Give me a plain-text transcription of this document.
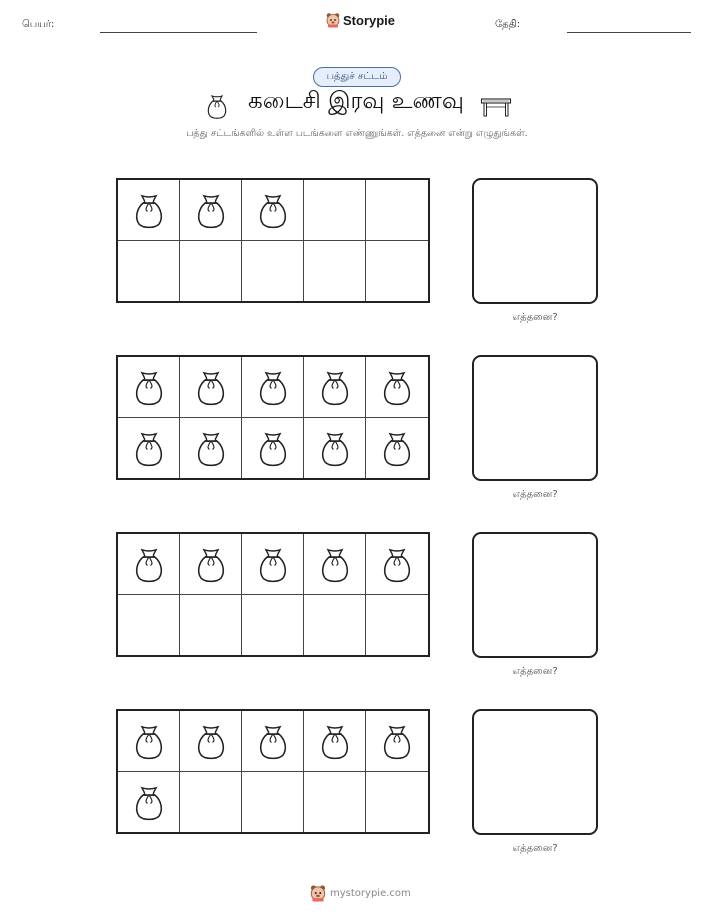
பெயர்:	Storypie	தேதி:
பத்துச் சட்டம்
கடைசி இரவு உணவு
பத்து சட்டங்களில் உள்ள படங்களை எண்ணுங்கள். எத்தனை என்று எழுதுங்கள்.
எத்தனை?
எத்தனை?
எத்தனை?
எத்தனை?
mystorypie.com
